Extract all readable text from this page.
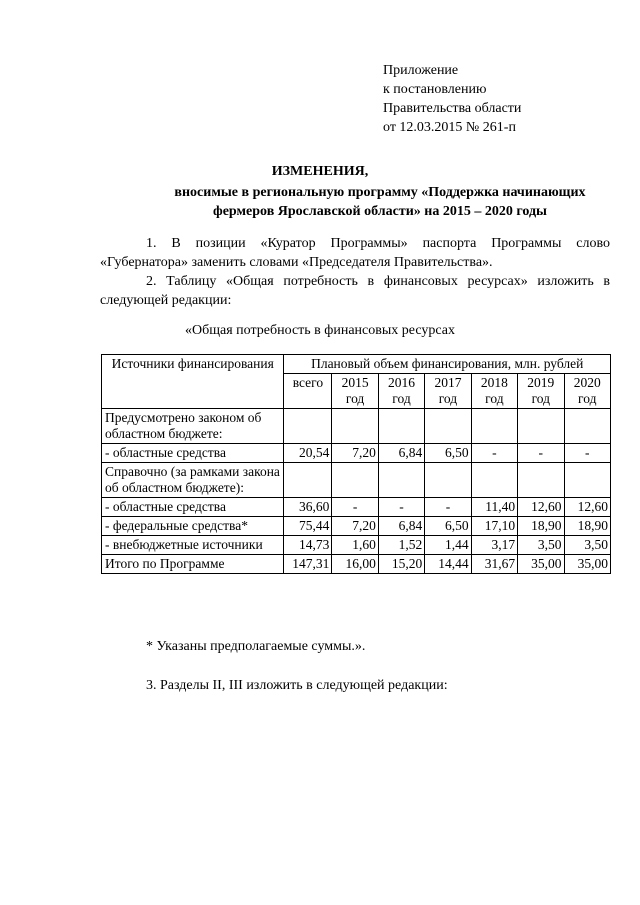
Приложение
к постановлению
Правительства области
от 12.03.2015 № 261-п
ИЗМЕНЕНИЯ,
вносимые в региональную программу «Поддержка начинающих фермеров Ярославской области» на 2015 – 2020 годы

1. В позиции «Куратор Программы» паспорта Программы слово «Губернатора» заменить словами «Председателя Правительства».

2. Таблицу «Общая потребность в финансовых ресурсах» изложить в следующей редакции:

«Общая потребность в финансовых ресурсах
Источники финансирования	Плановый объем финансирования, млн. рублей						
	всего	2015 год	2016 год	2017 год	2018 год	2019 год	2020 год
Предусмотрено законом об областном бюджете:							
- областные средства	20,54	7,20	6,84	6,50	-	-	-
Справочно (за рамками закона об областном бюджете):							
- областные средства	36,60	-	-	-	11,40	12,60	12,60
- федеральные средства*	75,44	7,20	6,84	6,50	17,10	18,90	18,90
- внебюджетные источники	14,73	1,60	1,52	1,44	3,17	3,50	3,50
Итого по Программе	147,31	16,00	15,20	14,44	31,67	35,00	35,00
* Указаны предполагаемые суммы.».
3. Разделы II, III изложить в следующей редакции:
